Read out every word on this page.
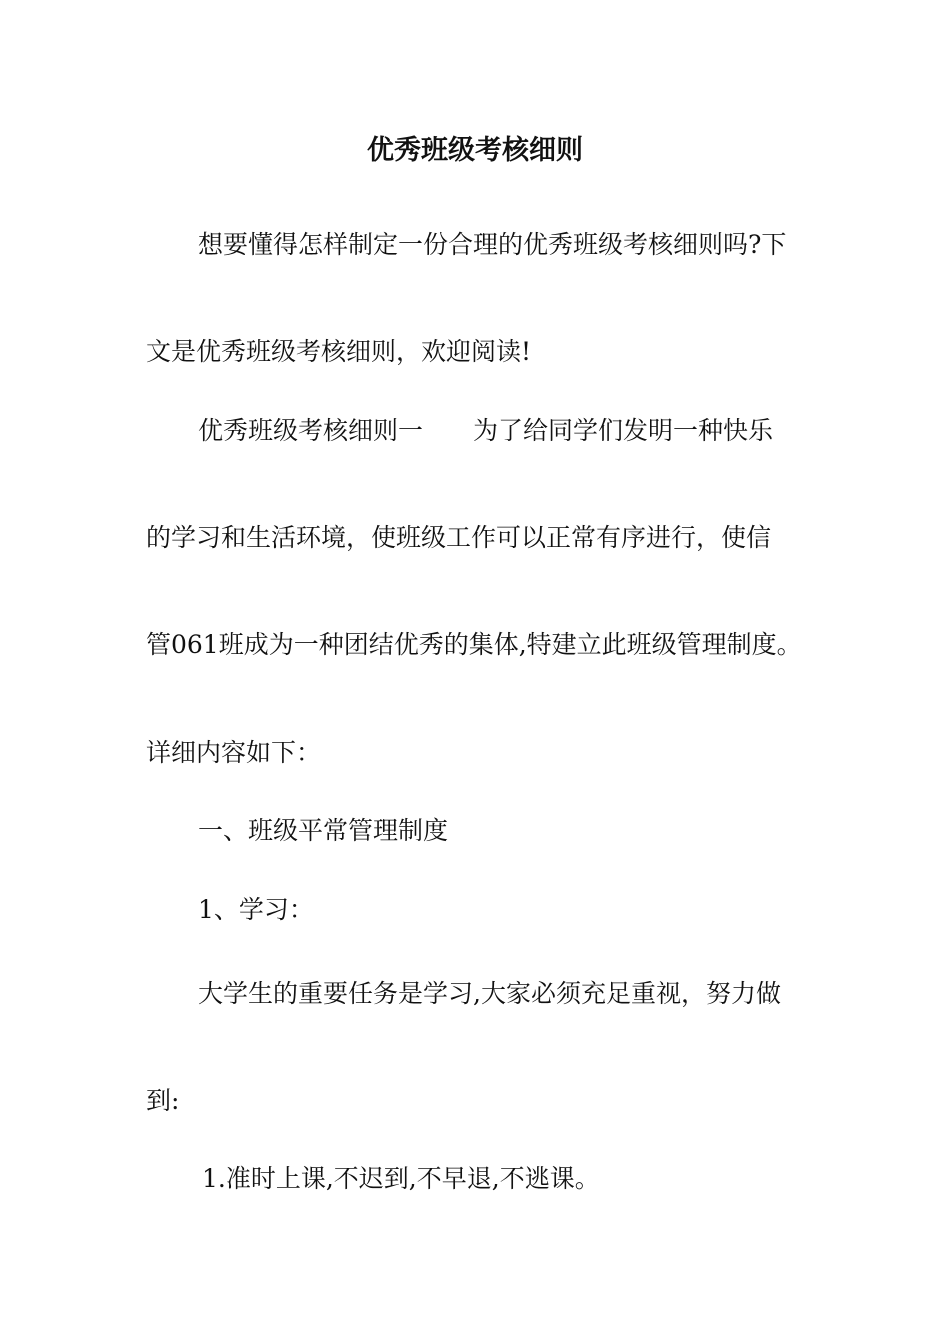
优秀班级考核细则
想要懂得怎样制定一份合理的优秀班级考核细则吗?下
文是优秀班级考核细则，欢迎阅读!
优秀班级考核细则一　　为了给同学们发明一种快乐
的学习和生活环境，使班级工作可以正常有序进行，使信
管061班成为一种团结优秀的集体,特建立此班级管理制度。
详细内容如下：
一、班级平常管理制度
1、学习：
大学生的重要任务是学习,大家必须充足重视，努力做
到:
1.准时上课,不迟到,不早退,不逃课。
